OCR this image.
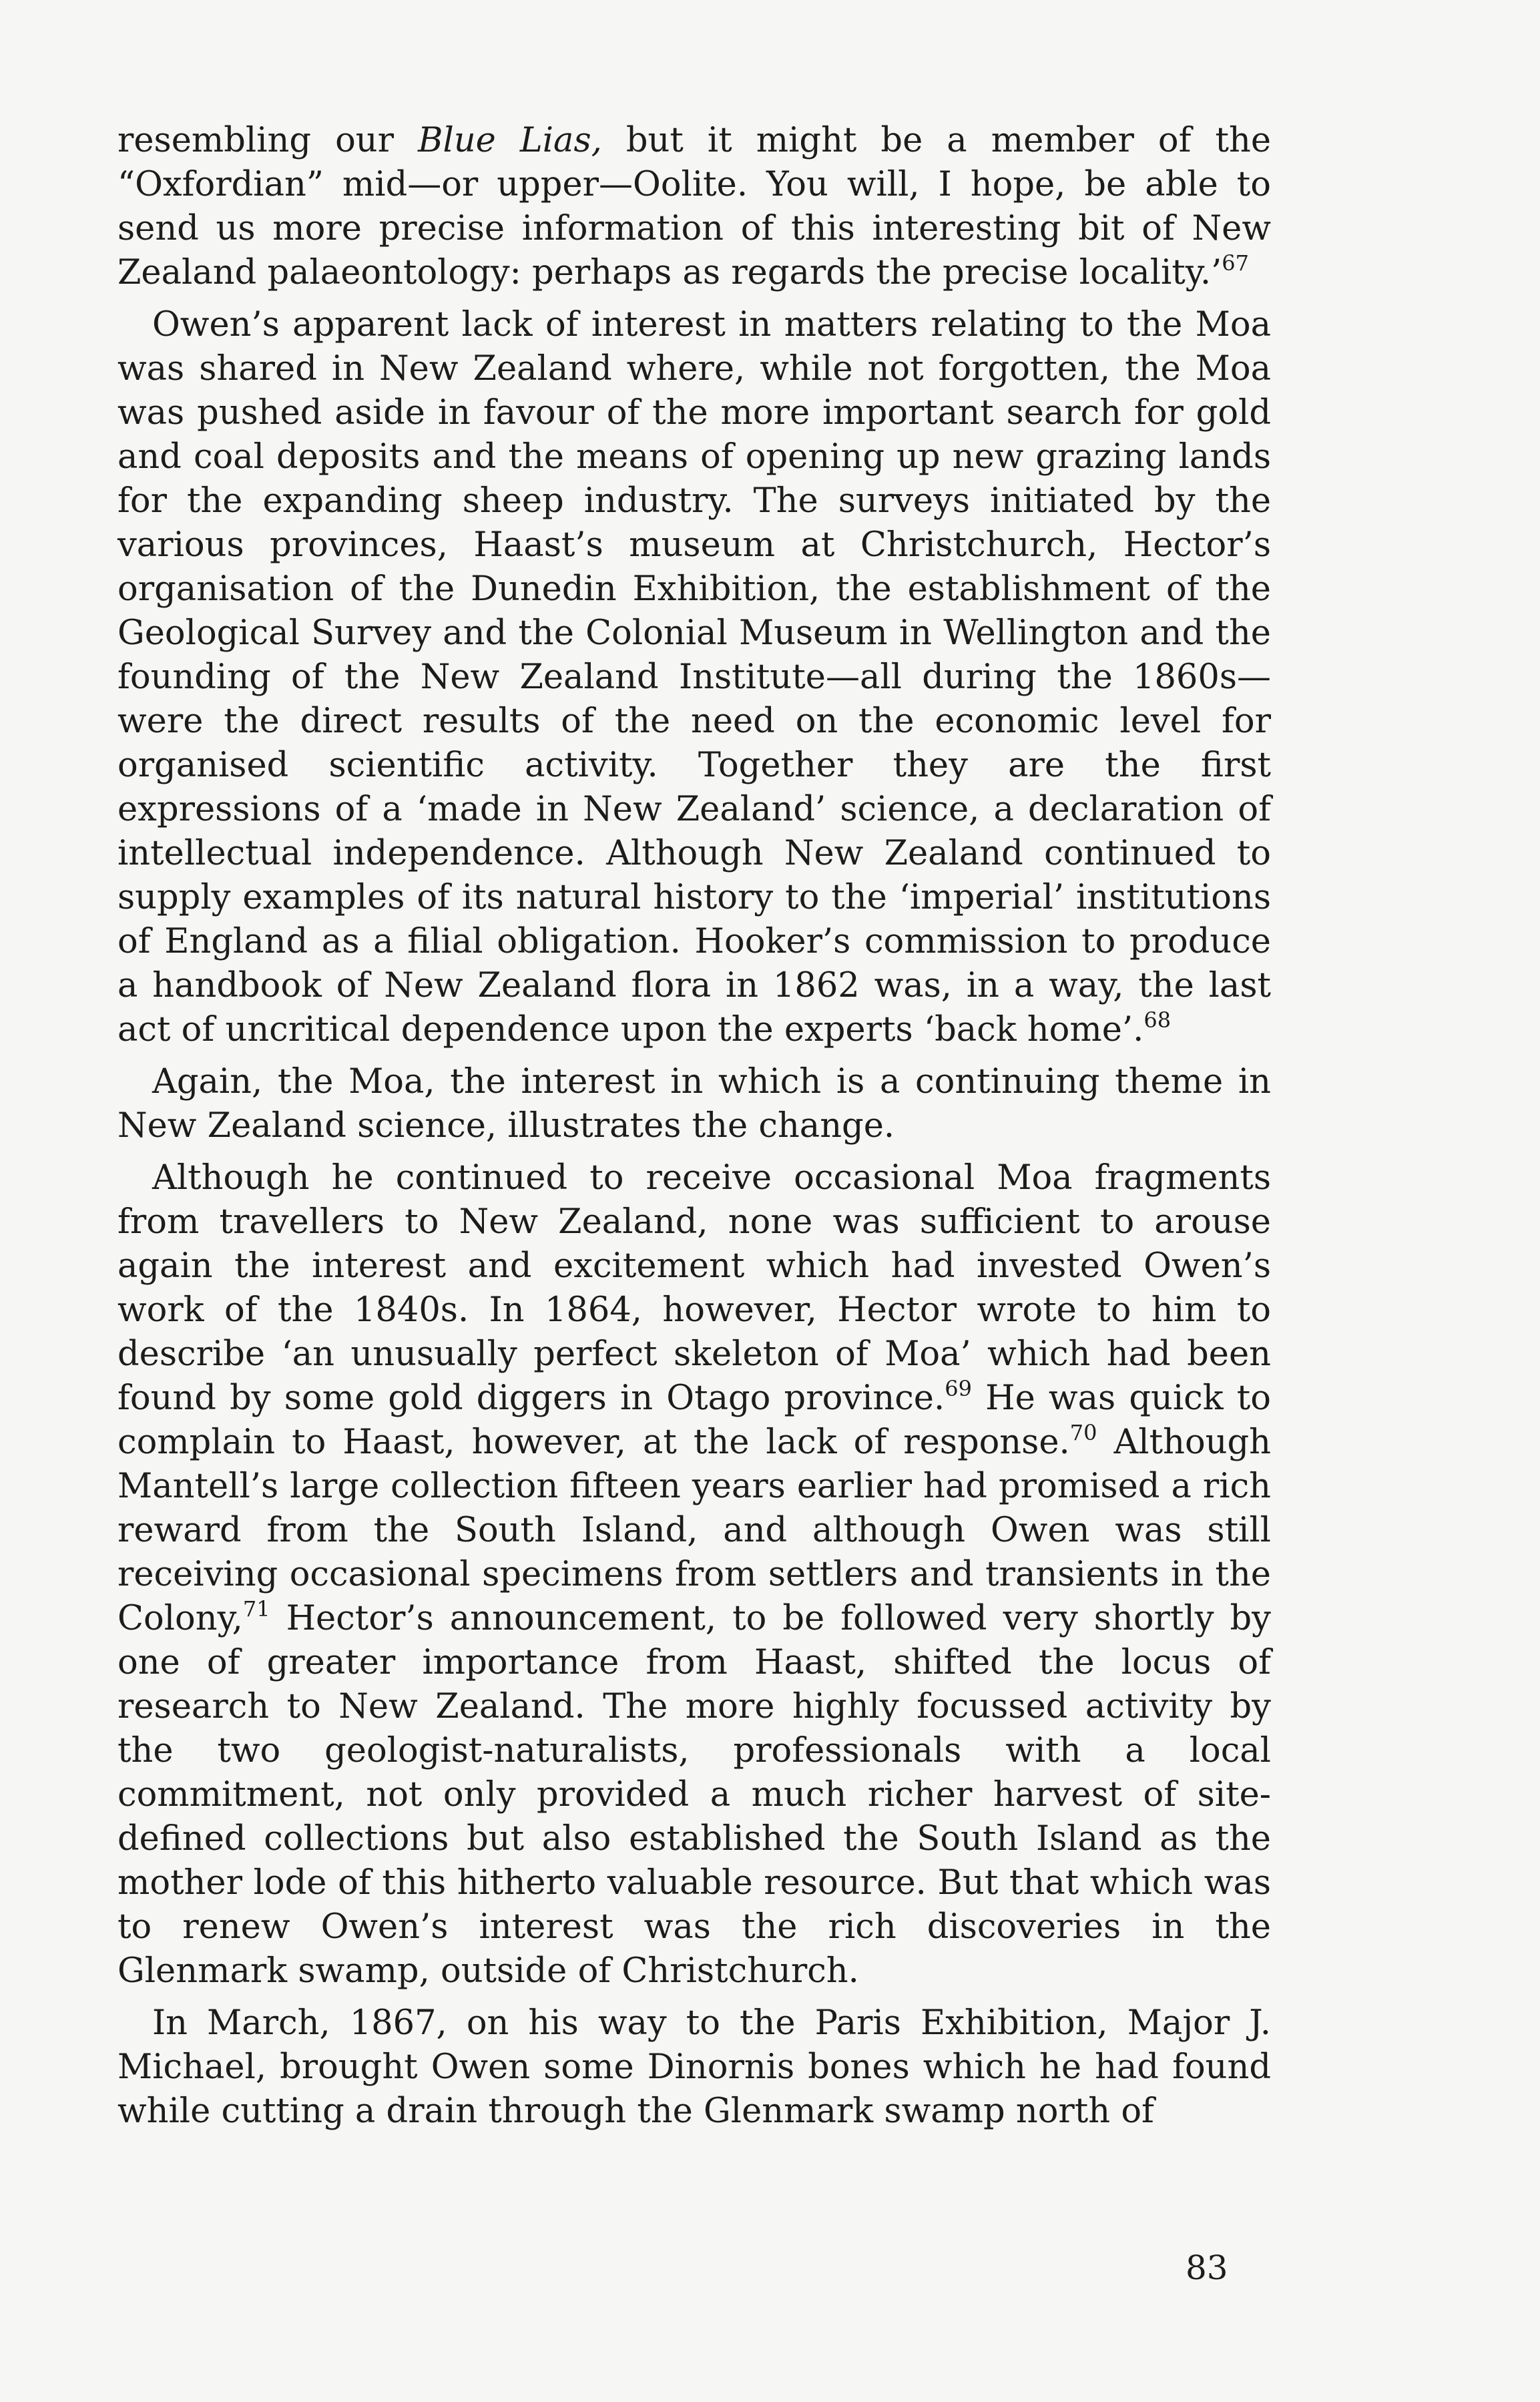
resembling our Blue Lias, but it might be a member of the “Oxfordian” mid—or upper—Oolite. You will, I hope, be able to send us more precise information of this interesting bit of New Zealand palaeontology: perhaps as regards the precise locality.’$^{67}$

Owen’s apparent lack of interest in matters relating to the Moa was shared in New Zealand where, while not forgotten, the Moa was pushed aside in favour of the more important search for gold and coal deposits and the means of opening up new grazing lands for the expanding sheep industry. The surveys initiated by the various provinces, Haast’s museum at Christchurch, Hector’s organisation of the Dunedin Exhibition, the establishment of the Geological Survey and the Colonial Museum in Wellington and the founding of the New Zealand Institute—all during the 1860s—were the direct results of the need on the economic level for organised scientific activity. Together they are the first expressions of a ‘made in New Zealand’ science, a declaration of intellectual independence. Although New Zealand continued to supply examples of its natural history to the ‘imperial’ institutions of England as a filial obligation. Hooker’s commission to produce a handbook of New Zealand flora in 1862 was, in a way, the last act of uncritical dependence upon the experts ‘back home’.$^{68}$

Again, the Moa, the interest in which is a continuing theme in New Zealand science, illustrates the change.

Although he continued to receive occasional Moa fragments from travellers to New Zealand, none was sufficient to arouse again the interest and excitement which had invested Owen’s work of the 1840s. In 1864, however, Hector wrote to him to describe ‘an unusually perfect skeleton of Moa’ which had been found by some gold diggers in Otago province.$^{69}$ He was quick to complain to Haast, however, at the lack of response.$^{70}$ Although Mantell’s large collection fifteen years earlier had promised a rich reward from the South Island, and although Owen was still receiving occasional specimens from settlers and transients in the Colony,$^{71}$ Hector’s announcement, to be followed very shortly by one of greater importance from Haast, shifted the locus of research to New Zealand. The more highly focussed activity by the two geologist-naturalists, professionals with a local commitment, not only provided a much richer harvest of site-defined collections but also established the South Island as the mother lode of this hitherto valuable resource. But that which was to renew Owen’s interest was the rich discoveries in the Glenmark swamp, outside of Christchurch.

In March, 1867, on his way to the Paris Exhibition, Major J. Michael, brought Owen some Dinornis bones which he had found while cutting a drain through the Glenmark swamp north of

83
